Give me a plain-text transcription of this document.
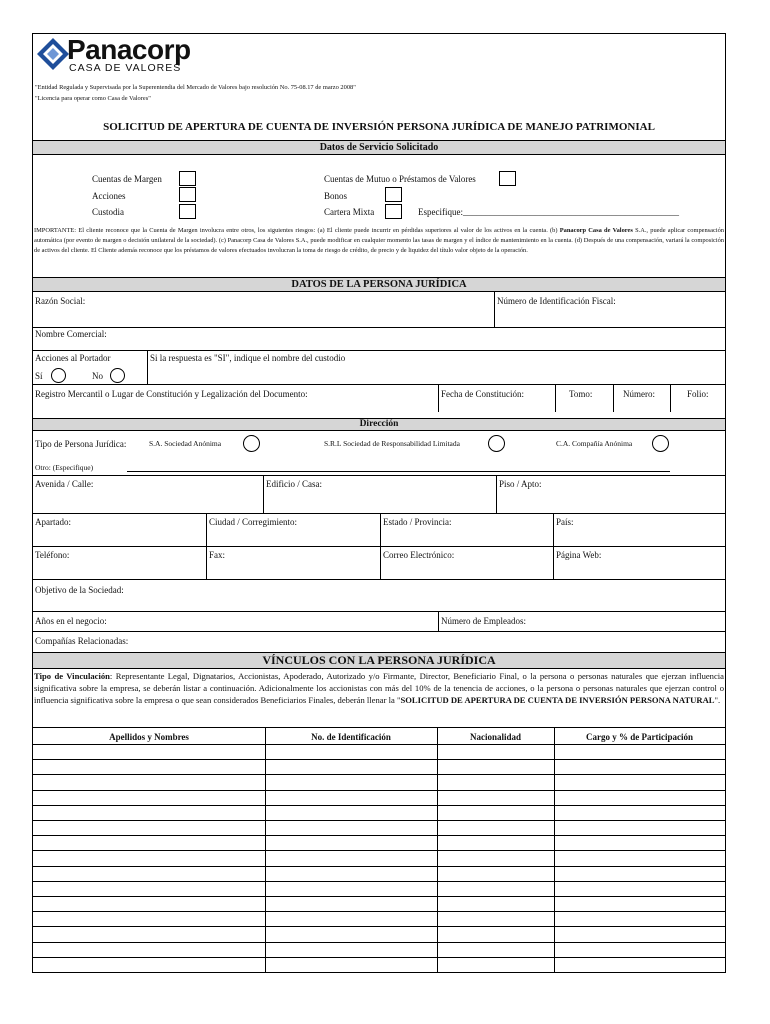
Panacorp
CASA DE VALORES
"Entidad Regulada y Supervisada por la Superentendia del Mercado de Valores bajo resolución No. 75-08.17 de marzo 2008"
"Licencia para operar como Casa de Valores"
SOLICITUD DE APERTURA DE CUENTA DE INVERSIÓN PERSONA JURÍDICA DE MANEJO PATRIMONIAL
Datos de Servicio Solicitado
Cuentas de Margen
Acciones
Custodia
Cuentas de Mutuo o Préstamos de Valores
Bonos
Cartera Mixta	Especifique:________________________________________________
IMPORTANTE: El cliente reconoce que la Cuenta de Margen involucra entre otros, los siguientes riesgos: (a) El cliente puede incurrir en pérdidas superiores al valor de los activos en la cuenta. (b) Panacorp Casa de Valores S.A., puede aplicar compensación automática (por evento de margen o decisión unilateral de la sociedad). (c) Panacorp Casa de Valores S.A., puede modificar en cualquier momento las tasas de margen y el índice de mantenimiento en la cuenta. (d) Después de una compensación, variará la composición de activos del cliente. El Cliente además reconoce que los préstamos de valores efectuados involucran la toma de riesgo de crédito, de precio y de liquidez del título valor objeto de la operación.
DATOS DE LA PERSONA JURÍDICA
Razón Social:	Número de Identificación Fiscal:
Nombre Comercial:
Acciones al Portador	Si la respuesta es "SI", indique el nombre del custodio
Sí	No
Registro Mercantil o Lugar de Constitución y Legalización del Documento:	Fecha de Constitución:	Tomo:	Número:	Folio:
Dirección
Tipo de Persona Jurídica:	S.A. Sociedad Anónima	S.R.L Sociedad de Responsabilidad Limitada	C.A. Compañía Anónima
Otro: (Especifique)
Avenida / Calle:	Edificio / Casa:	Piso / Apto:
Apartado:	Ciudad / Corregimiento:	Estado / Provincia:	País:
Teléfono:	Fax:	Correo Electrónico:	Página Web:
Objetivo de la Sociedad:
Años en el negocio:	Número de Empleados:
Compañías Relacionadas:
VÍNCULOS CON LA PERSONA JURÍDICA
Tipo de Vinculación: Representante Legal, Dignatarios, Accionistas, Apoderado, Autorizado y/o Firmante, Director, Beneficiario Final, o la persona o personas naturales que ejerzan influencia significativa sobre la empresa, se deberán listar a continuación. Adicionalmente los accionistas con más del 10% de la tenencia de acciones, o la persona o personas naturales que ejerzan control o influencia significativa sobre la empresa o que sean considerados Beneficiarios Finales, deberán llenar la "SOLICITUD DE APERTURA DE CUENTA DE INVERSIÓN PERSONA NATURAL".
Apellidos y Nombres	No. de Identificación	Nacionalidad	Cargo y % de Participación
